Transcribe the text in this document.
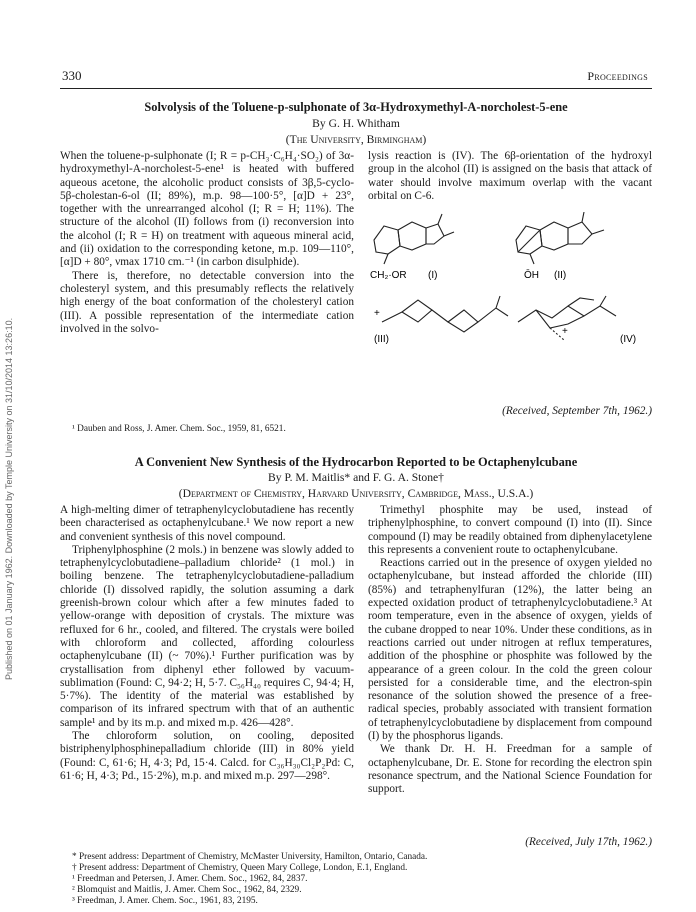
330	Proceedings
Published on 01 January 1962. Downloaded by Temple University on 31/10/2014 13:26:10.
Solvolysis of the Toluene-p-sulphonate of 3α-Hydroxymethyl-A-norcholest-5-ene
By G. H. Whitham
(The University, Birmingham)

When the toluene-p-sulphonate (I; R = p-CH₃·C₆H₄·SO₂) of 3α-hydroxymethyl-A-norcholest-5-ene¹ is heated with buffered aqueous acetone, the alcoholic product consists of 3β,5-cyclo-5β-cholestan-6-ol (II; 89%), m.p. 98—100·5°, [α]D + 23°, together with the unrearranged alcohol (I; R = H; 11%). The structure of the alcohol (II) follows from (i) reconversion into the alcohol (I; R = H) on treatment with aqueous mineral acid, and (ii) oxidation to the corresponding ketone, m.p. 109—110°, [α]D + 80°, νmax 1710 cm.⁻¹ (in carbon disulphide).

There is, therefore, no detectable conversion into the cholesteryl system, and this presumably reflects the relatively high energy of the boat conformation of the cholesteryl cation (III). A possible representation of the intermediate cation involved in the solvo-

¹ Dauben and Ross, J. Amer. Chem. Soc., 1959, 81, 6521.

lysis reaction is (IV). The 6β-orientation of the hydroxyl group in the alcohol (II) is assigned on the basis that attack of water should involve maximum overlap with the vacant orbital on C-6.

CH₂·OR (I)	ŌH (II)
+
(III)
+
(IV)
(Received, September 7th, 1962.)
A Convenient New Synthesis of the Hydrocarbon Reported to be Octaphenylcubane
By P. M. Maitlis* and F. G. A. Stone†
(Department of Chemistry, Harvard University, Cambridge, Mass., U.S.A.)

A high-melting dimer of tetraphenylcyclobutadiene has recently been characterised as octaphenylcubane.¹ We now report a new and convenient synthesis of this novel compound.

Triphenylphosphine (2 mols.) in benzene was slowly added to tetraphenylcyclobutadiene–palladium chloride² (1 mol.) in boiling benzene. The tetraphenylcyclobutadiene-palladium chloride (I) dissolved rapidly, the solution assuming a dark greenish-brown colour which after a few minutes faded to yellow-orange with deposition of crystals. The mixture was refluxed for 6 hr., cooled, and filtered. The crystals were boiled with chloroform and collected, affording colourless octaphenylcubane (II) (~ 70%).¹ Further purification was by crystallisation from diphenyl ether followed by vacuum-sublimation (Found: C, 94·2; H, 5·7. C₅₆H₄₀ requires C, 94·4; H, 5·7%). The identity of the material was established by comparison of its infrared spectrum with that of an authentic sample¹ and by its m.p. and mixed m.p. 426—428°.

The chloroform solution, on cooling, deposited bistriphenylphosphinepalladium chloride (III) in 80% yield (Found: C, 61·6; H, 4·3; Pd, 15·4. Calcd. for C₃₆H₃₀Cl₂P₂Pd: C, 61·6; H, 4·3; Pd., 15·2%), m.p. and mixed m.p. 297—298°.

Trimethyl phosphite may be used, instead of triphenylphosphine, to convert compound (I) into (II). Since compound (I) may be readily obtained from diphenylacetylene this represents a convenient route to octaphenylcubane.

Reactions carried out in the presence of oxygen yielded no octaphenylcubane, but instead afforded the chloride (III) (85%) and tetraphenylfuran (12%), the latter being an expected oxidation product of tetraphenylcyclobutadiene.³ At room temperature, even in the absence of oxygen, yields of the cubane dropped to near 10%. Under these conditions, as in reactions carried out under nitrogen at reflux temperatures, addition of the phosphine or phosphite was followed by the appearance of a green colour. In the cold the green colour persisted for a considerable time, and the electron-spin resonance of the solution showed the presence of a free-radical species, probably associated with transient formation of tetraphenylcyclobutadiene by displacement from compound (I) by the phosphorus ligands.

We thank Dr. H. H. Freedman for a sample of octaphenylcubane, Dr. E. Stone for recording the electron spin resonance spectrum, and the National Science Foundation for support.

(Received, July 17th, 1962.)
* Present address: Department of Chemistry, McMaster University, Hamilton, Ontario, Canada.
† Present address: Department of Chemistry, Queen Mary College, London, E.1, England.
¹ Freedman and Petersen, J. Amer. Chem. Soc., 1962, 84, 2837.
² Blomquist and Maitlis, J. Amer. Chem Soc., 1962, 84, 2329.
³ Freedman, J. Amer. Chem. Soc., 1961, 83, 2195.
